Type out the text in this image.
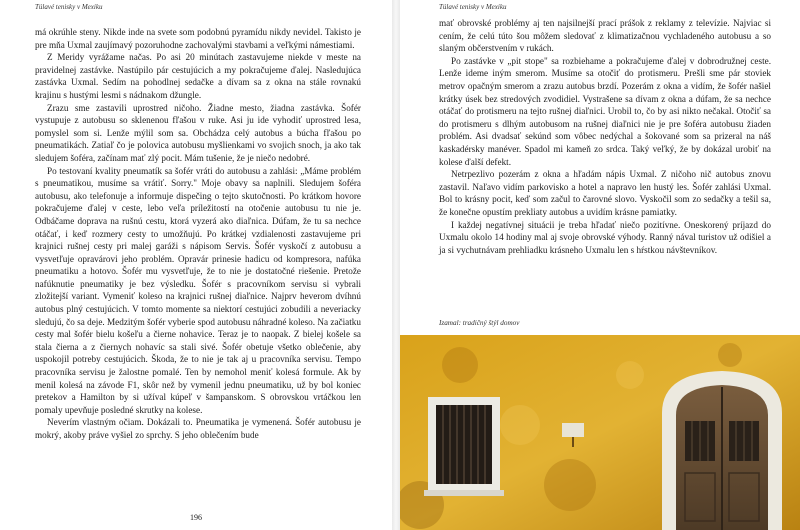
Túlavé tenisky v Mexiku

má okrúhle steny. Nikde inde na svete som podobnú pyramídu nikdy nevidel. Takisto je pre mňa Uxmal zaujímavý pozoruhodne zachovalými stavbami a veľkými námestiami.

Z Meridy vyrážame načas. Po asi 20 minútach zastavujeme niekde v meste na pravidelnej zastávke. Nastúpilo pár cestujúcich a my pokračujeme ďalej. Nasledujúca zastávka Uxmal. Sedím na pohodlnej sedačke a dívam sa z okna na stále rovnakú krajinu s hustými lesmi s nádnakom džungle.

Zrazu sme zastavili uprostred ničoho. Žiadne mesto, žiadna zastávka. Šofér vystupuje z autobusu so sklenenou fľašou v ruke. Asi ju ide vyhodiť uprostred lesa, pomyslel som si. Lenže mýlil som sa. Obchádza celý autobus a búcha fľašou po pneumatikách. Zatiaľ čo je polovica autobusu myšlienkami vo svojich snoch, ja ako tak sledujem šoféra, začínam mať zlý pocit. Mám tušenie, že je niečo nedobré.

Po testovaní kvality pneumatík sa šofér vráti do autobusu a zahlási: „Máme problém s pneumatikou, musíme sa vrátiť. Sorry." Moje obavy sa naplnili. Sledujem šoféra autobusu, ako telefonuje a informuje dispečing o tejto skutočnosti. Po krátkom hovore pokračujeme ďalej v ceste, lebo veľa príležitostí na otočenie autobusu tu nie je. Odbáčame doprava na rušnú cestu, ktorá vyzerá ako diaľnica. Dúfam, že tu sa nechce otáčať, i keď rozmery cesty to umožňujú. Po krátkej vzdialenosti zastavujeme pri krajnici rušnej cesty pri malej garáži s nápisom Servis. Šofér vyskočí z autobusu a vysvetľuje opravárovi jeho problém. Opravár prinesie hadicu od kompresora, nafúka pneumatiku a hotovo. Šofér mu vysvetľuje, že to nie je dostatočné riešenie. Pretože nafúknutie pneumatiky je bez výsledku. Šofér s pracovníkom servisu si vybrali zložitejší variant. Vymeniť koleso na krajnici rušnej diaľnice. Najprv heverom dvíhnú autobus plný cestujúcich. V tomto momente sa niektorí cestujúci zobudili a neveriacky sledujú, čo sa deje. Medzitým šofér vyberie spod autobusu náhradné koleso. Na začiatku cesty mal šofér bielu košeľu a čierne nohavice. Teraz je to naopak. Z bielej košele sa stala čierna a z čiernych nohavíc sa stali sivé. Šofér obetuje všetko oblečenie, aby uspokojil potreby cestujúcich. Škoda, že to nie je tak aj u pracovníka servisu. Tempo pracovníka servisu je žalostne pomalé. Ten by nemohol meniť kolesá formule. Ak by menil kolesá na závode F1, skôr než by vymenil jednu pneumatiku, už by bol koniec pretekov a Hamilton by si užíval kúpeľ v šampanskom. S obrovskou vrtáčkou len pomaly upevňuje posledné skrutky na kolese.

Neverím vlastným očiam. Dokázali to. Pneumatika je vymenená. Šofér autobusu je mokrý, akoby práve vyšiel zo sprchy. S jeho oblečením bude

196
Túlavé tenisky v Mexiku

mať obrovské problémy aj ten najsilnejší prací prášok z reklamy z televízie. Najviac si cením, že celú túto šou môžem sledovať z klimatizačnou vychladeného autobusu a so slaným občerstvením v rukách.

Po zastávke v „pit stope" sa rozbiehame a pokračujeme ďalej v dobrodružnej ceste. Lenže ideme iným smerom. Musíme sa otočiť do protismeru. Prešli sme pár stoviek metrov opačným smerom a zrazu autobus brzdí. Pozerám z okna a vidím, že šofér našiel krátky úsek bez stredových zvodidiel. Vystrašene sa dívam z okna a dúfam, že sa nechce otáčať do protismeru na tejto rušnej diaľnici. Urobil to, čo by asi nikto nečakal. Otočiť sa do protismeru s dlhým autobusom na rušnej diaľnici nie je pre šoféra autobusu žiaden problém. Asi dvadsať sekúnd som vôbec nedýchal a šokované som sa prizeral na náš kaskadérsky manéver. Spadol mi kameň zo srdca. Taký veľký, že by dokázal urobiť na kolese ďalší defekt.

Netrpezlivo pozerám z okna a hľadám nápis Uxmal. Z ničoho nič autobus znovu zastavil. Naľavo vidím parkovisko a hotel a napravo len hustý les. Šofér zahlási Uxmal. Bol to krásny pocit, keď som začul to čarovné slovo. Vyskočil som zo sedačky a tešil sa, že konečne opustím prekliaty autobus a uvidím krásne pamiatky.

I každej negatívnej situácii je treba hľadať niečo pozitívne. Oneskorený príjazd do Uxmalu okolo 14 hodiny mal aj svoje obrovské výhody. Ranný nával turistov už odišiel a ja si vychutnávam prehliadku krásneho Uxmalu len s hŕstkou návštevníkov.

Izamal: tradičný štýl domov
